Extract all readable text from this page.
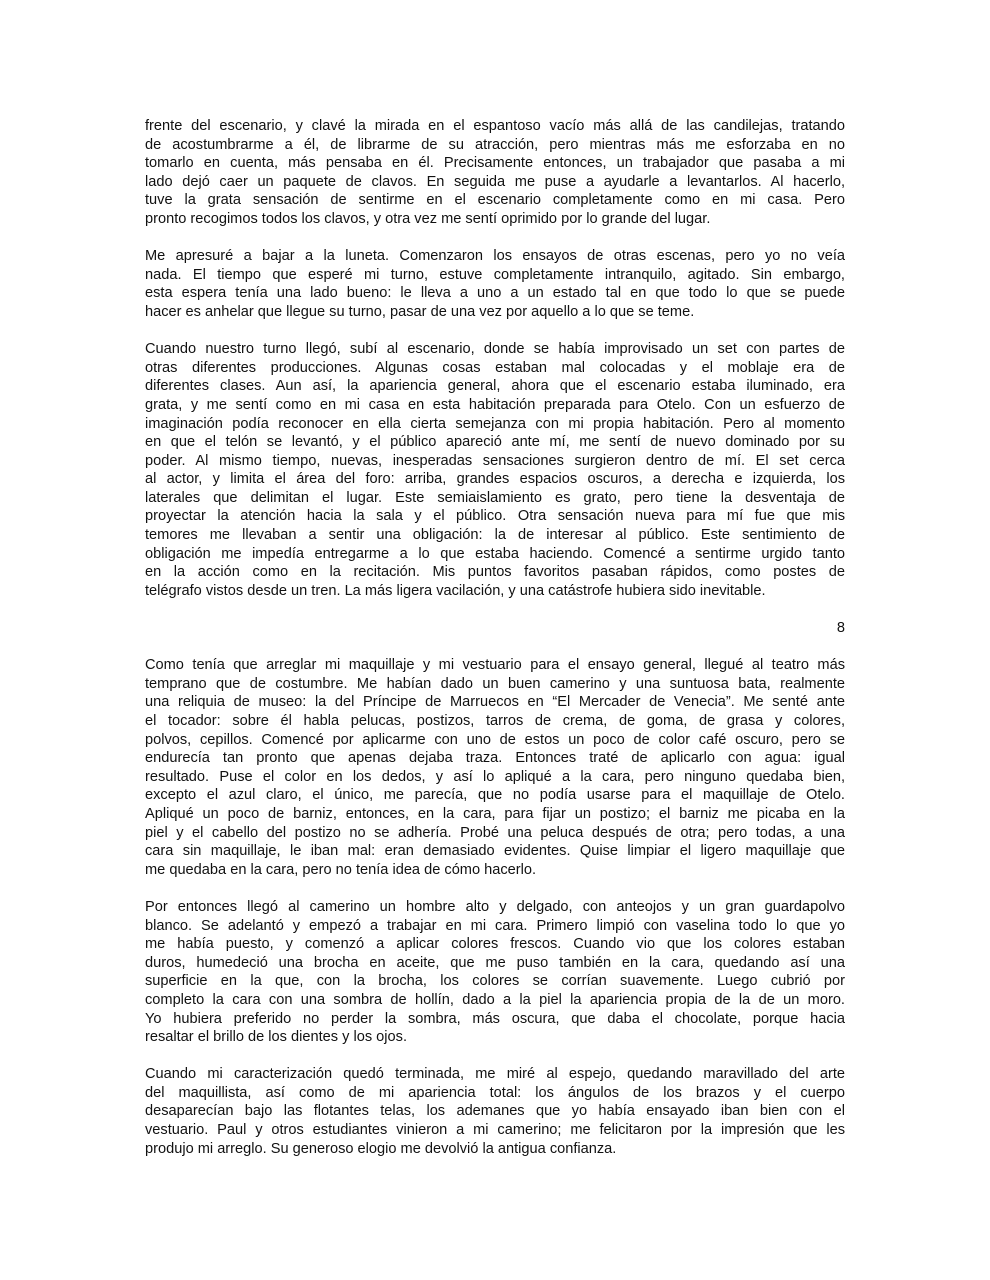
frente del escenario, y clavé la mirada en el espantoso vacío más allá de las candilejas, tratando
de acostumbrarme a él, de librarme de su atracción, pero mientras más me esforzaba en no
tomarlo en cuenta, más pensaba en él. Precisamente entonces, un trabajador que pasaba a mi
lado dejó caer un paquete de clavos. En seguida me puse a ayudarle a levantarlos. Al hacerlo,
tuve la grata sensación de sentirme en el escenario completamente como en mi casa. Pero
pronto recogimos todos los clavos, y otra vez me sentí oprimido por lo grande del lugar.
Me apresuré a bajar a la luneta. Comenzaron los ensayos de otras escenas, pero yo no veía
nada. El tiempo que esperé mi turno, estuve completamente intranquilo, agitado. Sin embargo,
esta espera tenía una lado bueno: le lleva a uno a un estado tal en que todo lo que se puede
hacer es anhelar que llegue su turno, pasar de una vez por aquello a lo que se teme.
Cuando nuestro turno llegó, subí al escenario, donde se había improvisado un set con partes de
otras diferentes producciones. Algunas cosas estaban mal colocadas y el moblaje era de
diferentes clases. Aun así, la apariencia general, ahora que el escenario estaba iluminado, era
grata, y me sentí como en mi casa en esta habitación preparada para Otelo. Con un esfuerzo de
imaginación podía reconocer en ella cierta semejanza con mi propia habitación. Pero al momento
en que el telón se levantó, y el público apareció ante mí, me sentí de nuevo dominado por su
poder. Al mismo tiempo, nuevas, inesperadas sensaciones surgieron dentro de mí. El set cerca
al actor, y limita el área del foro: arriba, grandes espacios oscuros, a derecha e izquierda, los
laterales que delimitan el lugar. Este semiaislamiento es grato, pero tiene la desventaja de
proyectar la atención hacia la sala y el público. Otra sensación nueva para mí fue que mis
temores me llevaban a sentir una obligación: la de interesar al público. Este sentimiento de
obligación me impedía entregarme a lo que estaba haciendo. Comencé a sentirme urgido tanto
en la acción como en la recitación. Mis puntos favoritos pasaban rápidos, como postes de
telégrafo vistos desde un tren. La más ligera vacilación, y una catástrofe hubiera sido inevitable.
8
Como tenía que arreglar mi maquillaje y mi vestuario para el ensayo general, llegué al teatro más
temprano que de costumbre. Me habían dado un buen camerino y una suntuosa bata, realmente
una reliquia de museo: la del Príncipe de Marruecos en “El Mercader de Venecia”. Me senté ante
el tocador: sobre él habla pelucas, postizos, tarros de crema, de goma, de grasa y colores,
polvos, cepillos. Comencé por aplicarme con uno de estos un poco de color café oscuro, pero se
endurecía tan pronto que apenas dejaba traza. Entonces traté de aplicarlo con agua: igual
resultado. Puse el color en los dedos, y así lo apliqué a la cara, pero ninguno quedaba bien,
excepto el azul claro, el único, me parecía, que no podía usarse para el maquillaje de Otelo.
Apliqué un poco de barniz, entonces, en la cara, para fijar un postizo; el barniz me picaba en la
piel y el cabello del postizo no se adhería. Probé una peluca después de otra; pero todas, a una
cara sin maquillaje, le iban mal: eran demasiado evidentes. Quise limpiar el ligero maquillaje que
me quedaba en la cara, pero no tenía idea de cómo hacerlo.
Por entonces llegó al camerino un hombre alto y delgado, con anteojos y un gran guardapolvo
blanco. Se adelantó y empezó a trabajar en mi cara. Primero limpió con vaselina todo lo que yo
me había puesto, y comenzó a aplicar colores frescos. Cuando vio que los colores estaban
duros, humedeció una brocha en aceite, que me puso también en la cara, quedando así una
superficie en la que, con la brocha, los colores se corrían suavemente. Luego cubrió por
completo la cara con una sombra de hollín, dado a la piel la apariencia propia de la de un moro.
Yo hubiera preferido no perder la sombra, más oscura, que daba el chocolate, porque hacia
resaltar el brillo de los dientes y los ojos.
Cuando mi caracterización quedó terminada, me miré al espejo, quedando maravillado del arte
del maquillista, así como de mi apariencia total: los ángulos de los brazos y el cuerpo
desaparecían bajo las flotantes telas, los ademanes que yo había ensayado iban bien con el
vestuario. Paul y otros estudiantes vinieron a mi camerino; me felicitaron por la impresión que les
produjo mi arreglo. Su generoso elogio me devolvió la antigua confianza.
